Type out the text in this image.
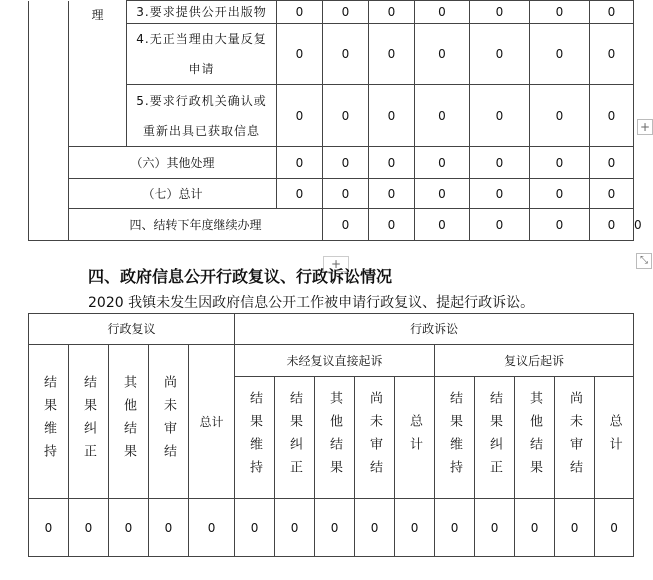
	理	3.要求提供公开出版物	0	0	0	0	0	0	0	
		4.无正当理由大量反复申请	0	0	0	0	0	0	0	
		5.要求行政机关确认或重新出具已获取信息	0	0	0	0	0	0	0	
	（六）其他处理		0	0	0	0	0	0	0	
	（七）总计		0	0	0	0	0	0	0	
	四、结转下年度继续办理			0	0	0	0	0	0	0
+
+	⤡
四、政府信息公开行政复议、行政诉讼情况
2020 我镇未发生因政府信息公开工作被申请行政复议、提起行政诉讼。
行政复议					行政诉讼									
结果维持	结果纠正	其他结果	尚未审结	总计	未经复议直接起诉					复议后起诉				
					结果维持	结果纠正	其他结果	尚未审结	总计	结果维持	结果纠正	其他结果	尚未审结	总计
0	0	0	0	0	0	0	0	0	0	0	0	0	0	0
